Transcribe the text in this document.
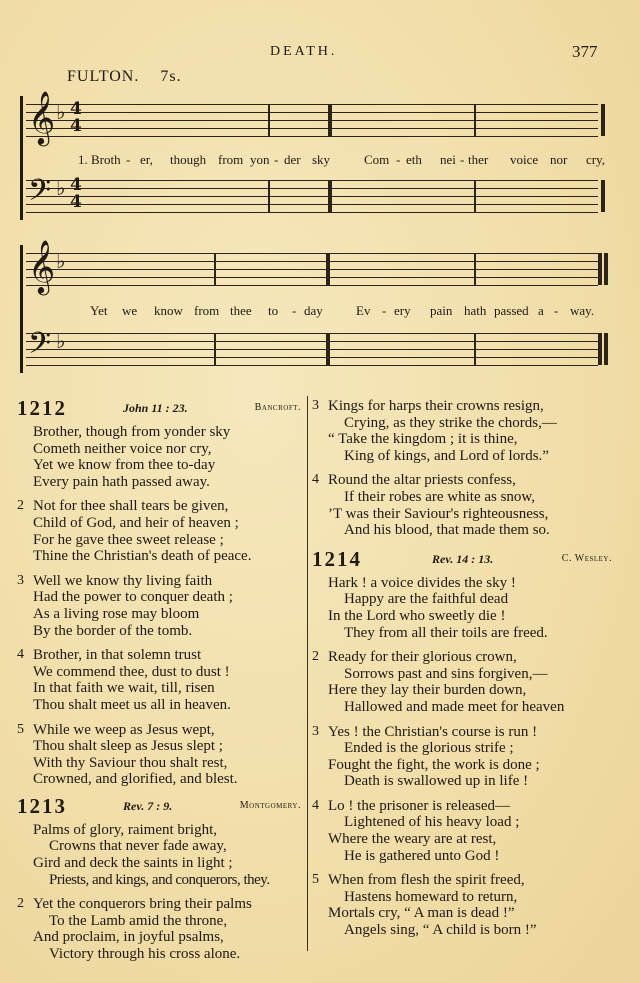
DEATH.	377
FULTON. 7s.
𝄞 ♭ 4
4
1. Broth - er, though from yon - der sky	Com - eth nei - ther voice nor cry,
𝄢 ♭ 4
4
𝄞 ♭
Yet we know from thee to - day	Ev - ery pain hath passed a - way.
𝄢 ♭
1212	John 11 : 23.	Bancroft.
Brother, though from yonder sky
Cometh neither voice nor cry,
Yet we know from thee to-day
Every pain hath passed away.
2 Not for thee shall tears be given,
Child of God, and heir of heaven ;
For he gave thee sweet release ;
Thine the Christian's death of peace.
3 Well we know thy living faith
Had the power to conquer death ;
As a living rose may bloom
By the border of the tomb.
4 Brother, in that solemn trust
We commend thee, dust to dust !
In that faith we wait, till, risen
Thou shalt meet us all in heaven.
5 While we weep as Jesus wept,
Thou shalt sleep as Jesus slept ;
With thy Saviour thou shalt rest,
Crowned, and glorified, and blest.
1213	Rev. 7 : 9.	Montgomery.
Palms of glory, raiment bright,
Crowns that never fade away,
Gird and deck the saints in light ;
Priests, and kings, and conquerors, they.
2 Yet the conquerors bring their palms
To the Lamb amid the throne,
And proclaim, in joyful psalms,
Victory through his cross alone.
3 Kings for harps their crowns resign,
Crying, as they strike the chords,—
“ Take the kingdom ; it is thine,
King of kings, and Lord of lords.”
4 Round the altar priests confess,
If their robes are white as snow,
’T was their Saviour's righteousness,
And his blood, that made them so.
1214	Rev. 14 : 13.	C. Wesley.
Hark ! a voice divides the sky !
Happy are the faithful dead
In the Lord who sweetly die !
They from all their toils are freed.
2 Ready for their glorious crown,
Sorrows past and sins forgiven,—
Here they lay their burden down,
Hallowed and made meet for heaven
3 Yes ! the Christian's course is run !
Ended is the glorious strife ;
Fought the fight, the work is done ;
Death is swallowed up in life !
4 Lo ! the prisoner is released—
Lightened of his heavy load ;
Where the weary are at rest,
He is gathered unto God !
5 When from flesh the spirit freed,
Hastens homeward to return,
Mortals cry, “ A man is dead !”
Angels sing, “ A child is born !”
